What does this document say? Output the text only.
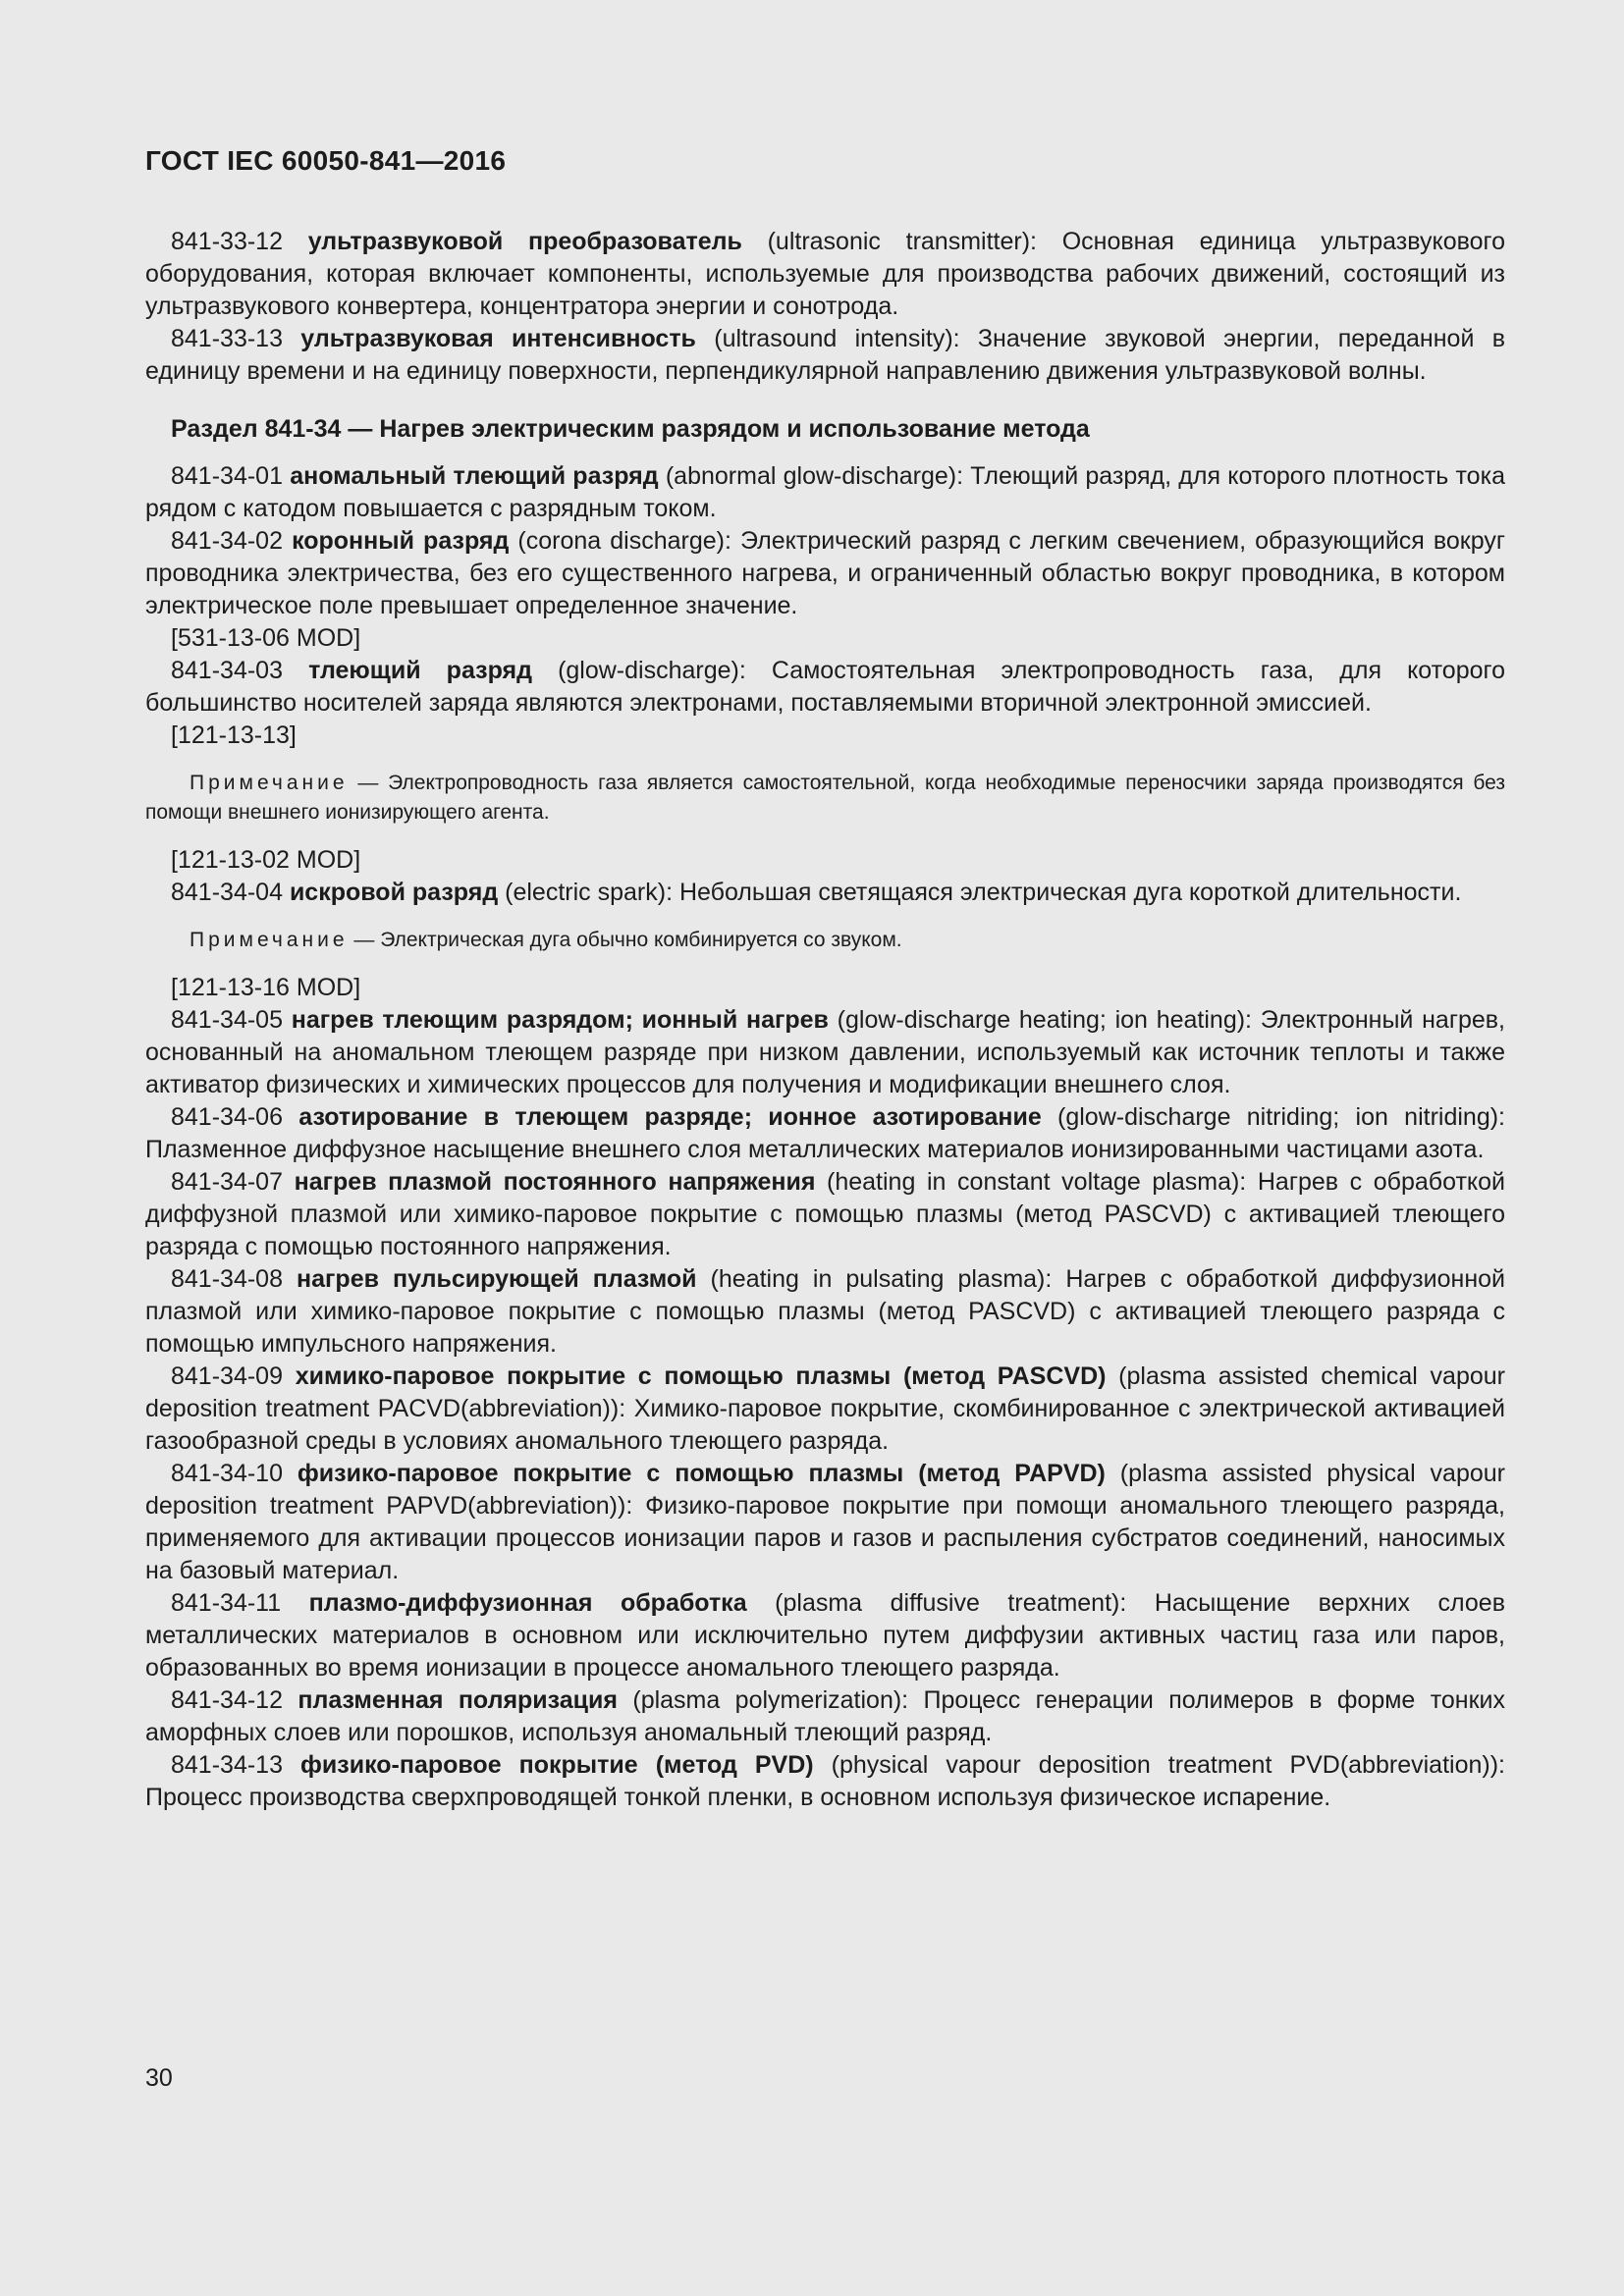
ГОСТ IEC 60050-841—2016

841-33-12 ультразвуковой преобразователь (ultrasonic transmitter): Основная единица ультразвукового оборудования, которая включает компоненты, используемые для производства рабочих движений, состоящий из ультразвукового конвертера, концентратора энергии и сонотрода.

841-33-13 ультразвуковая интенсивность (ultrasound intensity): Значение звуковой энергии, переданной в единицу времени и на единицу поверхности, перпендикулярной направлению движения ультразвуковой волны.

Раздел 841-34 — Нагрев электрическим разрядом и использование метода

841-34-01 аномальный тлеющий разряд (abnormal glow-discharge): Тлеющий разряд, для которого плотность тока рядом с катодом повышается с разрядным током.

841-34-02 коронный разряд (corona discharge): Электрический разряд с легким свечением, образующийся вокруг проводника электричества, без его существенного нагрева, и ограниченный областью вокруг проводника, в котором электрическое поле превышает определенное значение.

[531-13-06 MOD]

841-34-03 тлеющий разряд (glow-discharge): Самостоятельная электропроводность газа, для которого большинство носителей заряда являются электронами, поставляемыми вторичной электронной эмиссией.

[121-13-13]

Примечание — Электропроводность газа является самостоятельной, когда необходимые переносчики заряда производятся без помощи внешнего ионизирующего агента.

[121-13-02 MOD]

841-34-04 искровой разряд (electric spark): Небольшая светящаяся электрическая дуга короткой длительности.

Примечание — Электрическая дуга обычно комбинируется со звуком.

[121-13-16 MOD]

841-34-05 нагрев тлеющим разрядом; ионный нагрев (glow-discharge heating; ion heating): Электронный нагрев, основанный на аномальном тлеющем разряде при низком давлении, используемый как источник теплоты и также активатор физических и химических процессов для получения и модификации внешнего слоя.

841-34-06 азотирование в тлеющем разряде; ионное азотирование (glow-discharge nitriding; ion nitriding): Плазменное диффузное насыщение внешнего слоя металлических материалов ионизированными частицами азота.

841-34-07 нагрев плазмой постоянного напряжения (heating in constant voltage plasma): Нагрев с обработкой диффузной плазмой или химико-паровое покрытие с помощью плазмы (метод PASCVD) с активацией тлеющего разряда с помощью постоянного напряжения.

841-34-08 нагрев пульсирующей плазмой (heating in pulsating plasma): Нагрев с обработкой диффузионной плазмой или химико-паровое покрытие с помощью плазмы (метод PASCVD) с активацией тлеющего разряда с помощью импульсного напряжения.

841-34-09 химико-паровое покрытие с помощью плазмы (метод PASCVD) (plasma assisted chemical vapour deposition treatment PACVD(abbreviation)): Химико-паровое покрытие, скомбинированное с электрической активацией газообразной среды в условиях аномального тлеющего разряда.

841-34-10 физико-паровое покрытие с помощью плазмы (метод PAPVD) (plasma assisted physical vapour deposition treatment PAPVD(abbreviation)): Физико-паровое покрытие при помощи аномального тлеющего разряда, применяемого для активации процессов ионизации паров и газов и распыления субстратов соединений, наносимых на базовый материал.

841-34-11 плазмо-диффузионная обработка (plasma diffusive treatment): Насыщение верхних слоев металлических материалов в основном или исключительно путем диффузии активных частиц газа или паров, образованных во время ионизации в процессе аномального тлеющего разряда.

841-34-12 плазменная поляризация (plasma polymerization): Процесс генерации полимеров в форме тонких аморфных слоев или порошков, используя аномальный тлеющий разряд.

841-34-13 физико-паровое покрытие (метод PVD) (physical vapour deposition treatment PVD(abbreviation)): Процесс производства сверхпроводящей тонкой пленки, в основном используя физическое испарение.

30
